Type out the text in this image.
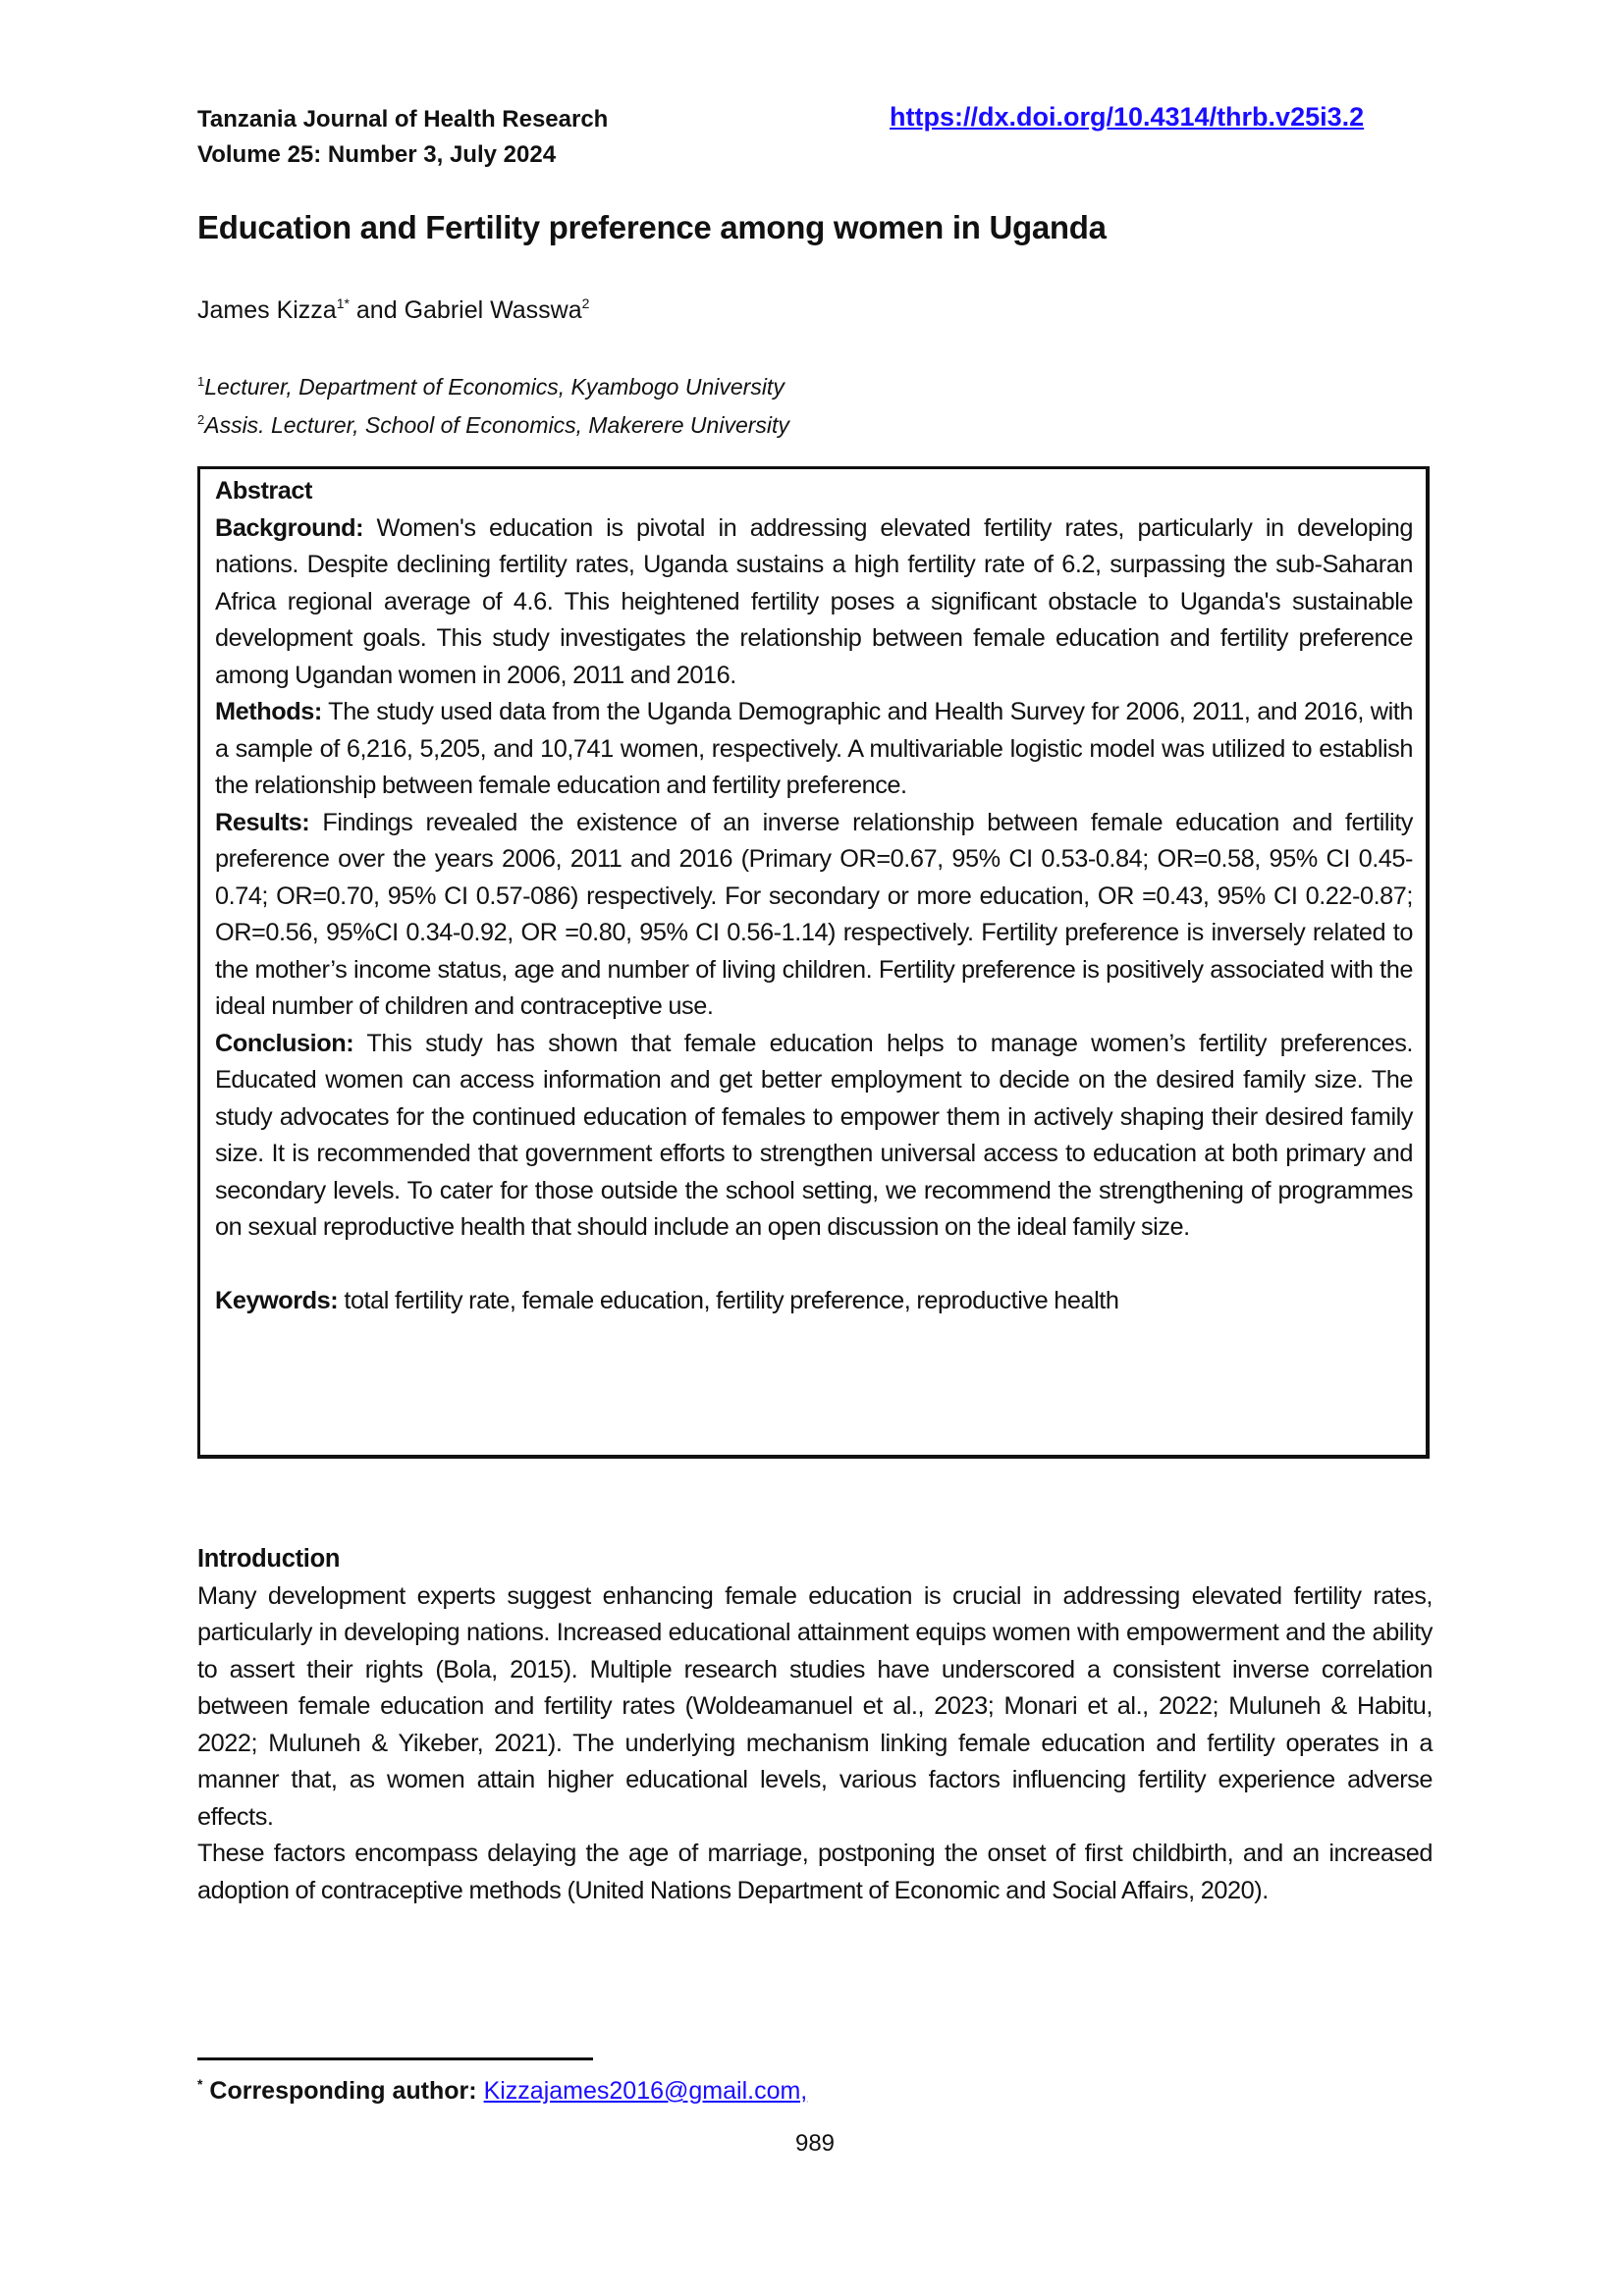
Tanzania Journal of Health Research
Volume 25: Number 3, July 2024
https://dx.doi.org/10.4314/thrb.v25i3.2
Education and Fertility preference among women in Uganda
James Kizza$^{1*}$ and Gabriel Wasswa$^2$
$^1$Lecturer, Department of Economics, Kyambogo University
$^2$Assis. Lecturer, School of Economics, Makerere University

Abstract

Background: Women's education is pivotal in addressing elevated fertility rates, particularly in developing nations. Despite declining fertility rates, Uganda sustains a high fertility rate of 6.2, surpassing the sub-Saharan Africa regional average of 4.6. This heightened fertility poses a significant obstacle to Uganda's sustainable development goals. This study investigates the relationship between female education and fertility preference among Ugandan women in 2006, 2011 and 2016.

Methods: The study used data from the Uganda Demographic and Health Survey for 2006, 2011, and 2016, with a sample of 6,216, 5,205, and 10,741 women, respectively. A multivariable logistic model was utilized to establish the relationship between female education and fertility preference.

Results: Findings revealed the existence of an inverse relationship between female education and fertility preference over the years 2006, 2011 and 2016 (Primary OR=0.67, 95% CI 0.53-0.84; OR=0.58, 95% CI 0.45-0.74; OR=0.70, 95% CI 0.57-086) respectively. For secondary or more education, OR =0.43, 95% CI 0.22-0.87; OR=0.56, 95%CI 0.34-0.92, OR =0.80, 95% CI 0.56-1.14) respectively. Fertility preference is inversely related to the mother’s income status, age and number of living children. Fertility preference is positively associated with the ideal number of children and contraceptive use.

Conclusion: This study has shown that female education helps to manage women’s fertility preferences. Educated women can access information and get better employment to decide on the desired family size. The study advocates for the continued education of females to empower them in actively shaping their desired family size. It is recommended that government efforts to strengthen universal access to education at both primary and secondary levels. To cater for those outside the school setting, we recommend the strengthening of programmes on sexual reproductive health that should include an open discussion on the ideal family size.

Keywords: total fertility rate, female education, fertility preference, reproductive health

Introduction

Many development experts suggest enhancing female education is crucial in addressing elevated fertility rates, particularly in developing nations. Increased educational attainment equips women with empowerment and the ability to assert their rights (Bola, 2015). Multiple research studies have underscored a consistent inverse correlation between female education and fertility rates (Woldeamanuel et al., 2023; Monari et al., 2022; Muluneh & Habitu, 2022; Muluneh & Yikeber, 2021). The underlying mechanism linking female education and fertility operates in a manner that, as women attain higher educational levels, various factors influencing fertility experience adverse effects.

These factors encompass delaying the age of marriage, postponing the onset of first childbirth, and an increased adoption of contraceptive methods (United Nations Department of Economic and Social Affairs, 2020).

* Corresponding author: Kizzajames2016@gmail.com,
989
